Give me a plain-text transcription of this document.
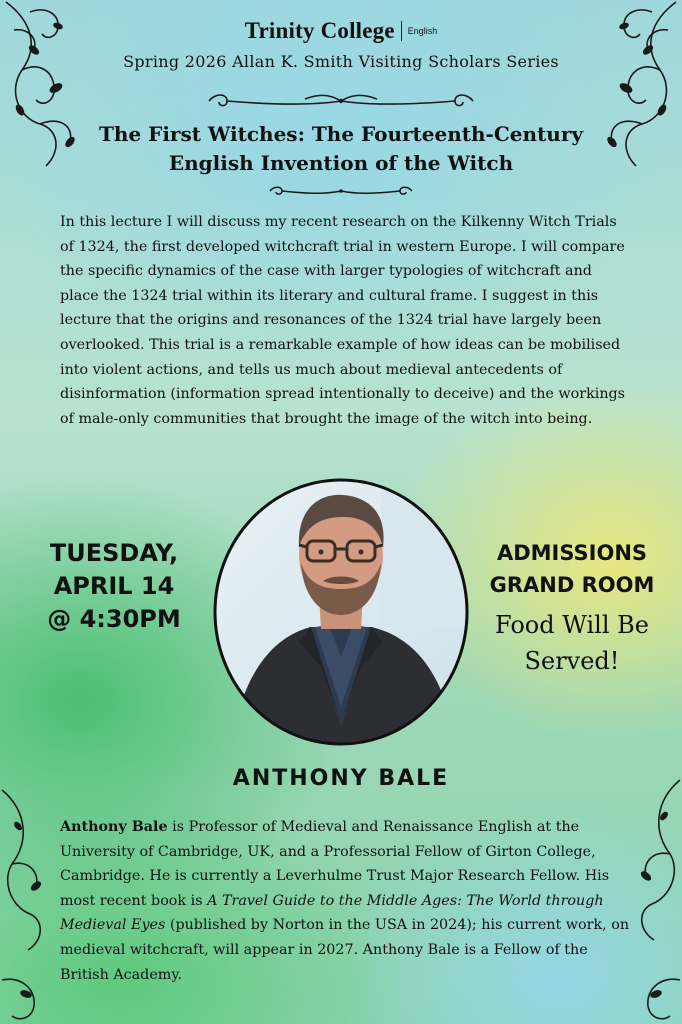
Trinity College English
Spring 2026 Allan K. Smith Visiting Scholars Series
The First Witches: The Fourteenth-Century
English Invention of the Witch

In this lecture I will discuss my recent research on the Kilkenny Witch Trials of 1324, the first developed witchcraft trial in western Europe. I will compare the specific dynamics of the case with larger typologies of witchcraft and place the 1324 trial within its literary and cultural frame. I suggest in this lecture that the origins and resonances of the 1324 trial have largely been overlooked. This trial is a remarkable example of how ideas can be mobilised into violent actions, and tells us much about medieval antecedents of disinformation (information spread intentionally to deceive) and the workings of male-only communities that brought the image of the witch into being.

TUESDAY,
APRIL 14
@ 4:30PM
ADMISSIONS
GRAND ROOM
Food Will Be
Served!
ANTHONY BALE

Anthony Bale is Professor of Medieval and Renaissance English at the University of Cambridge, UK, and a Professorial Fellow of Girton College, Cambridge. He is currently a Leverhulme Trust Major Research Fellow. His most recent book is A Travel Guide to the Middle Ages: The World through Medieval Eyes (published by Norton in the USA in 2024); his current work, on medieval witchcraft, will appear in 2027. Anthony Bale is a Fellow of the British Academy.
